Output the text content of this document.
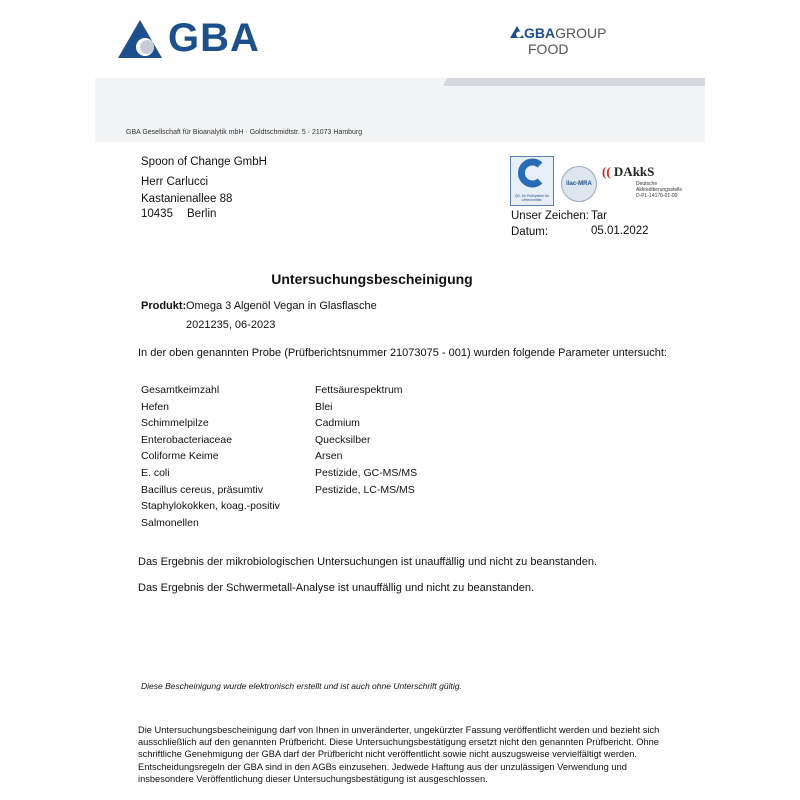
GBA	GBAGROUP
FOOD
GBA Gesellschaft für Bioanalytik mbH · Goldtschmidtstr. 5 · 21073 Hamburg
QS. Ihr Prüfsystem für Lebensmittel.
ilac-MRA
(( DAkkS
Deutsche
Akkreditierungsstelle
D-PL-14170-01-00
Spoon of Change GmbH
Herr Carlucci
Kastanienallee 88
10435 Berlin	Unser Zeichen: Tar
Datum:	05.01.2022
Untersuchungsbescheinigung
Produkt: Omega 3 Algenöl Vegan in Glasflasche
2021235, 06-2023
In der oben genannten Probe (Prüfberichtsnummer 21073075 - 001) wurden folgende Parameter untersucht:
Gesamtkeimzahl
Hefen
Schimmelpilze
Enterobacteriaceae
Coliforme Keime
E. coli
Bacillus cereus, präsumtiv
Staphylokokken, koag.-positiv
Salmonellen
Fettsäurespektrum
Blei
Cadmium
Quecksilber
Arsen
Pestizide, GC-MS/MS
Pestizide, LC-MS/MS
Das Ergebnis der mikrobiologischen Untersuchungen ist unauffällig und nicht zu beanstanden.
Das Ergebnis der Schwermetall-Analyse ist unauffällig und nicht zu beanstanden.
Diese Bescheinigung wurde elektronisch erstellt und ist auch ohne Unterschrift gültig.
Die Untersuchungsbescheinigung darf von Ihnen in unveränderter, ungekürzter Fassung veröffentlicht werden und bezieht sich ausschließlich auf den genannten Prüfbericht. Diese Untersuchungsbestätigung ersetzt nicht den genannten Prüfbericht. Ohne schriftliche Genehmigung der GBA darf der Prüfbericht nicht veröffentlicht sowie nicht auszugsweise vervielfältigt werden. Entscheidungsregeln der GBA sind in den AGBs einzusehen. Jedwede Haftung aus der unzulässigen Verwendung und insbesondere Veröffentlichung dieser Untersuchungsbestätigung ist ausgeschlossen.
